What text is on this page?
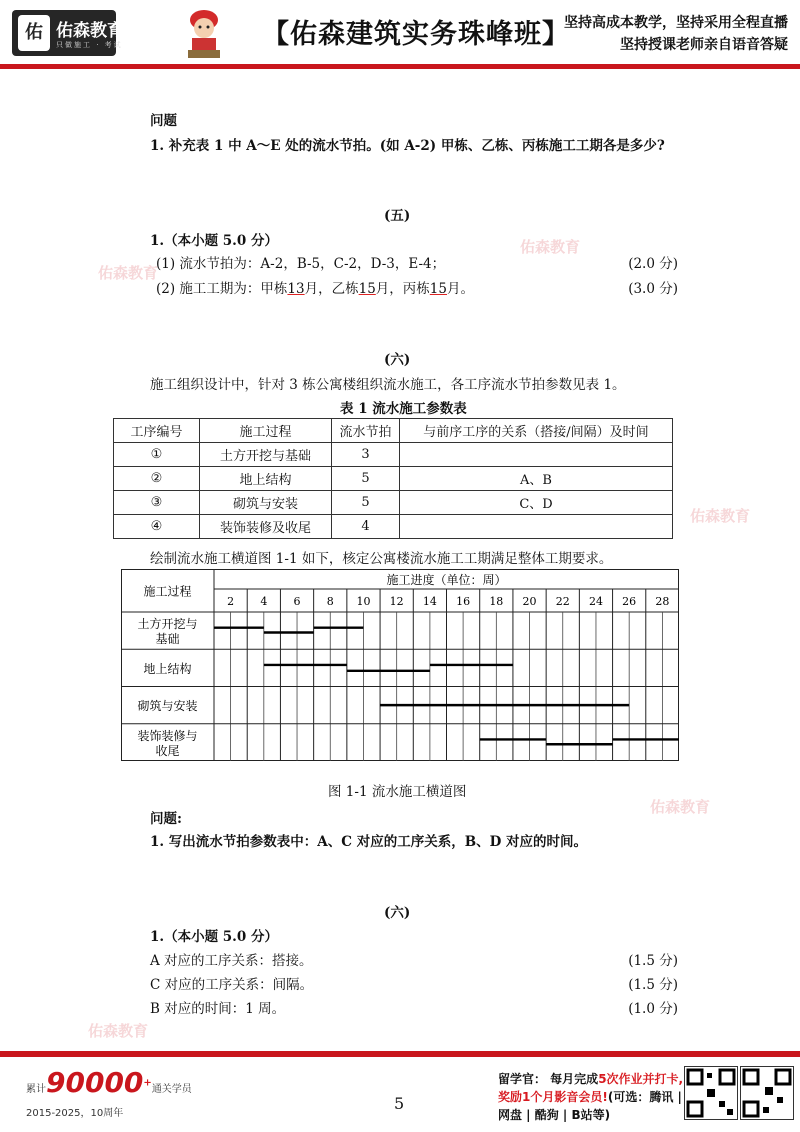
佑 佑森教育
只做施工 · 考试	【佑森建筑实务珠峰班】
坚持高成本教学，坚持采用全程直播
坚持授课老师亲自语音答疑
佑森教育
佑森教育
佑森教育
佑森教育
佑森教育
问题
1. 补充表 1 中 A～E 处的流水节拍。(如 A-2) 甲栋、乙栋、丙栋施工工期各是多少?
(五)
1.（本小题 5.0 分）
(1) 流水节拍为：A-2，B-5，C-2，D-3，E-4；	(2.0 分)
(2) 施工工期为：甲栋13月，乙栋15月，丙栋15月。	(3.0 分)
(六)
施工组织设计中，针对 3 栋公寓楼组织流水施工，各工序流水节拍参数见表 1。
表 1 流水施工参数表
工序编号	施工过程	流水节拍	与前序工序的关系（搭接/间隔）及时间
①	土方开挖与基础	3	
②	地上结构	5	A、B
③	砌筑与安装	5	C、D
④	装饰装修及收尾	4	
绘制流水施工横道图 1-1 如下，核定公寓楼流水施工工期满足整体工期要求。
施工过程
施工进度（单位：周）
2 4 6 8 10 12 14 16 18 20 22 24 26 28
土方开挖与
基础
地上结构
砌筑与安装
装饰装修与
收尾
图 1-1 流水施工横道图
问题:
1. 写出流水节拍参数表中：A、C 对应的工序关系，B、D 对应的时间。
(六)
1.（本小题 5.0 分）
A 对应的工序关系：搭接。	(1.5 分)
C 对应的工序关系：间隔。	(1.5 分)
B 对应的时间：1 周。	(1.0 分)
累计90000+通关学员
2015-2025，10周年
5
留学官： 每月完成5次作业并打卡,
奖励1个月影音会员!(可选：腾讯 |
网盘 | 酷狗 | B站等)
